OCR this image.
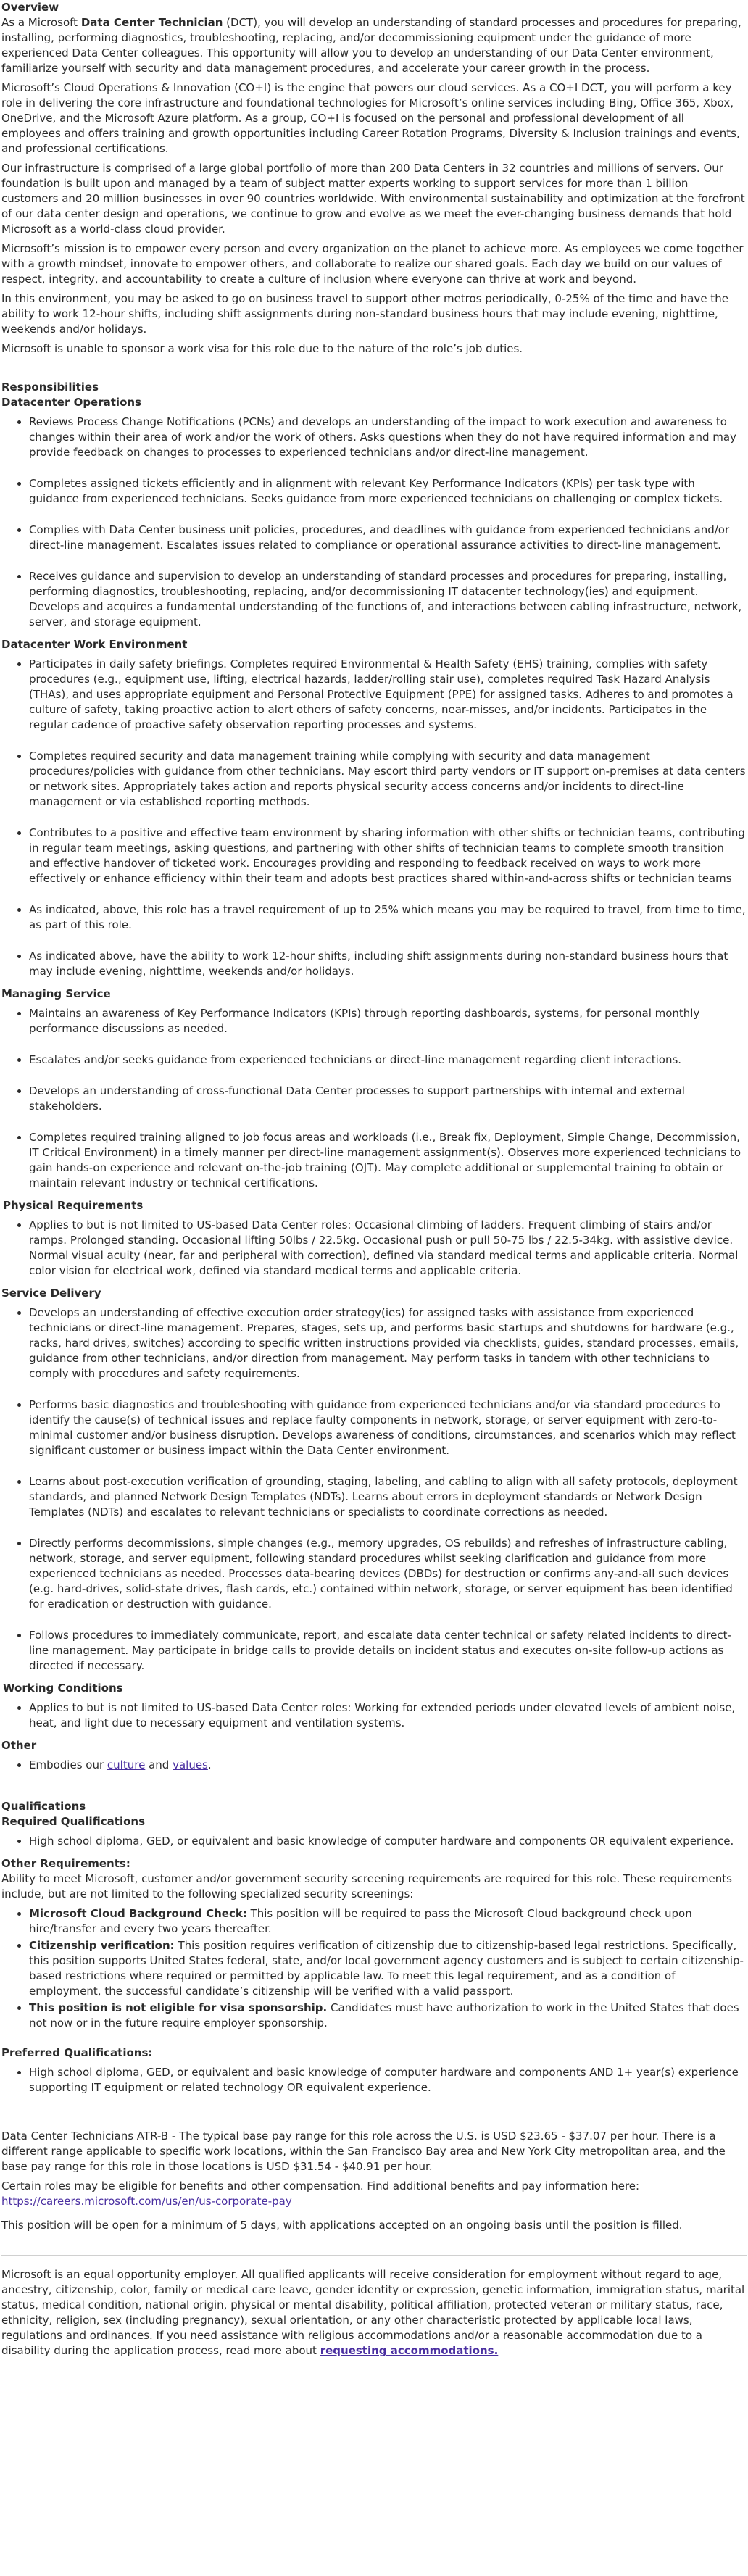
Overview

As a Microsoft Data Center Technician (DCT), you will develop an understanding of standard processes and procedures for preparing, installing, performing diagnostics, troubleshooting, replacing, and/or decommissioning equipment under the guidance of more experienced Data Center colleagues. This opportunity will allow you to develop an understanding of our Data Center environment, familiarize yourself with security and data management procedures, and accelerate your career growth in the process.

Microsoft’s Cloud Operations & Innovation (CO+I) is the engine that powers our cloud services. As a CO+I DCT, you will perform a key role in delivering the core infrastructure and foundational technologies for Microsoft’s online services including Bing, Office 365, Xbox, OneDrive, and the Microsoft Azure platform. As a group, CO+I is focused on the personal and professional development of all employees and offers training and growth opportunities including Career Rotation Programs, Diversity & Inclusion trainings and events, and professional certifications.

Our infrastructure is comprised of a large global portfolio of more than 200 Data Centers in 32 countries and millions of servers. Our foundation is built upon and managed by a team of subject matter experts working to support services for more than 1 billion customers and 20 million businesses in over 90 countries worldwide. With environmental sustainability and optimization at the forefront of our data center design and operations, we continue to grow and evolve as we meet the ever-changing business demands that hold Microsoft as a world-class cloud provider.

Microsoft’s mission is to empower every person and every organization on the planet to achieve more. As employees we come together with a growth mindset, innovate to empower others, and collaborate to realize our shared goals. Each day we build on our values of respect, integrity, and accountability to create a culture of inclusion where everyone can thrive at work and beyond.

In this environment, you may be asked to go on business travel to support other metros periodically, 0-25% of the time and have the ability to work 12-hour shifts, including shift assignments during non-standard business hours that may include evening, nighttime, weekends and/or holidays.

Microsoft is unable to sponsor a work visa for this role due to the nature of the role’s job duties.

Responsibilities
Datacenter Operations
• Reviews Process Change Notifications (PCNs) and develops an understanding of the impact to work execution and awareness to changes within their area of work and/or the work of others. Asks questions when they do not have required information and may provide feedback on changes to processes to experienced technicians and/or direct-line management.
• Completes assigned tickets efficiently and in alignment with relevant Key Performance Indicators (KPIs) per task type with guidance from experienced technicians. Seeks guidance from more experienced technicians on challenging or complex tickets.
• Complies with Data Center business unit policies, procedures, and deadlines with guidance from experienced technicians and/or direct-line management. Escalates issues related to compliance or operational assurance activities to direct-line management.
• Receives guidance and supervision to develop an understanding of standard processes and procedures for preparing, installing, performing diagnostics, troubleshooting, replacing, and/or decommissioning IT datacenter technology(ies) and equipment. Develops and acquires a fundamental understanding of the functions of, and interactions between cabling infrastructure, network, server, and storage equipment.
Datacenter Work Environment
• Participates in daily safety briefings. Completes required Environmental & Health Safety (EHS) training, complies with safety procedures (e.g., equipment use, lifting, electrical hazards, ladder/rolling stair use), completes required Task Hazard Analysis (THAs), and uses appropriate equipment and Personal Protective Equipment (PPE) for assigned tasks. Adheres to and promotes a culture of safety, taking proactive action to alert others of safety concerns, near-misses, and/or incidents. Participates in the regular cadence of proactive safety observation reporting processes and systems.
• Completes required security and data management training while complying with security and data management procedures/policies with guidance from other technicians. May escort third party vendors or IT support on-premises at data centers or network sites. Appropriately takes action and reports physical security access concerns and/or incidents to direct-line management or via established reporting methods.
• Contributes to a positive and effective team environment by sharing information with other shifts or technician teams, contributing in regular team meetings, asking questions, and partnering with other shifts of technician teams to complete smooth transition and effective handover of ticketed work. Encourages providing and responding to feedback received on ways to work more effectively or enhance efficiency within their team and adopts best practices shared within-and-across shifts or technician teams
• As indicated, above, this role has a travel requirement of up to 25% which means you may be required to travel, from time to time, as part of this role.
• As indicated above, have the ability to work 12-hour shifts, including shift assignments during non-standard business hours that may include evening, nighttime, weekends and/or holidays.
Managing Service
• Maintains an awareness of Key Performance Indicators (KPIs) through reporting dashboards, systems, for personal monthly performance discussions as needed.
• Escalates and/or seeks guidance from experienced technicians or direct-line management regarding client interactions.
• Develops an understanding of cross-functional Data Center processes to support partnerships with internal and external stakeholders.
• Completes required training aligned to job focus areas and workloads (i.e., Break fix, Deployment, Simple Change, Decommission, IT Critical Environment) in a timely manner per direct-line management assignment(s). Observes more experienced technicians to gain hands-on experience and relevant on-the-job training (OJT). May complete additional or supplemental training to obtain or maintain relevant industry or technical certifications.
Physical Requirements
• Applies to but is not limited to US-based Data Center roles: Occasional climbing of ladders. Frequent climbing of stairs and/or ramps. Prolonged standing. Occasional lifting 50lbs / 22.5kg. Occasional push or pull 50-75 lbs / 22.5-34kg. with assistive device. Normal visual acuity (near, far and peripheral with correction), defined via standard medical terms and applicable criteria. Normal color vision for electrical work, defined via standard medical terms and applicable criteria.
Service Delivery
• Develops an understanding of effective execution order strategy(ies) for assigned tasks with assistance from experienced technicians or direct-line management. Prepares, stages, sets up, and performs basic startups and shutdowns for hardware (e.g., racks, hard drives, switches) according to specific written instructions provided via checklists, guides, standard processes, emails, guidance from other technicians, and/or direction from management. May perform tasks in tandem with other technicians to comply with procedures and safety requirements.
• Performs basic diagnostics and troubleshooting with guidance from experienced technicians and/or via standard procedures to identify the cause(s) of technical issues and replace faulty components in network, storage, or server equipment with zero-to-minimal customer and/or business disruption. Develops awareness of conditions, circumstances, and scenarios which may reflect significant customer or business impact within the Data Center environment.
• Learns about post-execution verification of grounding, staging, labeling, and cabling to align with all safety protocols, deployment standards, and planned Network Design Templates (NDTs). Learns about errors in deployment standards or Network Design Templates (NDTs) and escalates to relevant technicians or specialists to coordinate corrections as needed.
• Directly performs decommissions, simple changes (e.g., memory upgrades, OS rebuilds) and refreshes of infrastructure cabling, network, storage, and server equipment, following standard procedures whilst seeking clarification and guidance from more experienced technicians as needed. Processes data-bearing devices (DBDs) for destruction or confirms any-and-all such devices (e.g. hard-drives, solid-state drives, flash cards, etc.) contained within network, storage, or server equipment has been identified for eradication or destruction with guidance.
• Follows procedures to immediately communicate, report, and escalate data center technical or safety related incidents to direct-line management. May participate in bridge calls to provide details on incident status and executes on-site follow-up actions as directed if necessary.
Working Conditions
• Applies to but is not limited to US-based Data Center roles: Working for extended periods under elevated levels of ambient noise, heat, and light due to necessary equipment and ventilation systems.
Other
• Embodies our culture and values.
Qualifications
Required Qualifications
• High school diploma, GED, or equivalent and basic knowledge of computer hardware and components OR equivalent experience.
Other Requirements:

Ability to meet Microsoft, customer and/or government security screening requirements are required for this role. These requirements include, but are not limited to the following specialized security screenings:

• Microsoft Cloud Background Check: This position will be required to pass the Microsoft Cloud background check upon hire/transfer and every two years thereafter.
• Citizenship verification: This position requires verification of citizenship due to citizenship-based legal restrictions. Specifically, this position supports United States federal, state, and/or local government agency customers and is subject to certain citizenship-based restrictions where required or permitted by applicable law. To meet this legal requirement, and as a condition of employment, the successful candidate’s citizenship will be verified with a valid passport.
• This position is not eligible for visa sponsorship. Candidates must have authorization to work in the United States that does not now or in the future require employer sponsorship.
Preferred Qualifications:
• High school diploma, GED, or equivalent and basic knowledge of computer hardware and components AND 1+ year(s) experience supporting IT equipment or related technology OR equivalent experience.

Data Center Technicians ATR-B - The typical base pay range for this role across the U.S. is USD $23.65 - $37.07 per hour. There is a different range applicable to specific work locations, within the San Francisco Bay area and New York City metropolitan area, and the base pay range for this role in those locations is USD $31.54 - $40.91 per hour.

Certain roles may be eligible for benefits and other compensation. Find additional benefits and pay information here:
https://careers.microsoft.com/us/en/us-corporate-pay

This position will be open for a minimum of 5 days, with applications accepted on an ongoing basis until the position is filled.

Microsoft is an equal opportunity employer. All qualified applicants will receive consideration for employment without regard to age, ancestry, citizenship, color, family or medical care leave, gender identity or expression, genetic information, immigration status, marital status, medical condition, national origin, physical or mental disability, political affiliation, protected veteran or military status, race, ethnicity, religion, sex (including pregnancy), sexual orientation, or any other characteristic protected by applicable local laws, regulations and ordinances. If you need assistance with religious accommodations and/or a reasonable accommodation due to a disability during the application process, read more about requesting accommodations.
